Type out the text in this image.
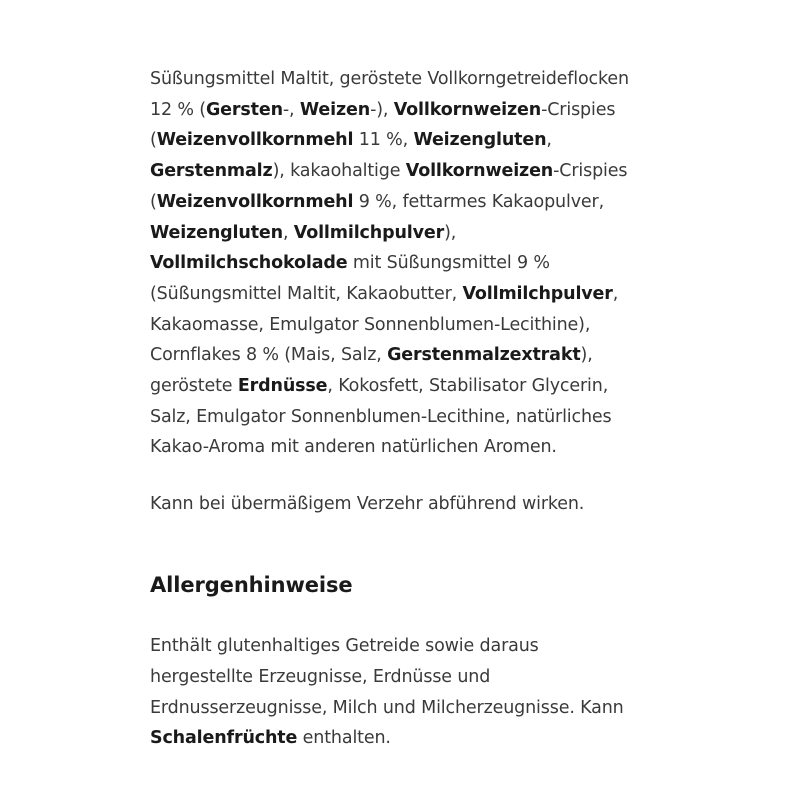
Süßungsmittel Maltit, geröstete Vollkorngetreideflocken
12 % (Gersten-, Weizen-), Vollkornweizen-Crispies
(Weizenvollkornmehl 11 %, Weizengluten,
Gerstenmalz), kakaohaltige Vollkornweizen-Crispies
(Weizenvollkornmehl 9 %, fettarmes Kakaopulver,
Weizengluten, Vollmilchpulver),
Vollmilchschokolade mit Süßungsmittel 9 %
(Süßungsmittel Maltit, Kakaobutter, Vollmilchpulver,
Kakaomasse, Emulgator Sonnenblumen-Lecithine),
Cornflakes 8 % (Mais, Salz, Gerstenmalzextrakt),
geröstete Erdnüsse, Kokosfett, Stabilisator Glycerin,
Salz, Emulgator Sonnenblumen-Lecithine, natürliches
Kakao-Aroma mit anderen natürlichen Aromen.

Kann bei übermäßigem Verzehr abführend wirken.

Allergenhinweise

Enthält glutenhaltiges Getreide sowie daraus
hergestellte Erzeugnisse, Erdnüsse und
Erdnusserzeugnisse, Milch und Milcherzeugnisse. Kann
Schalenfrüchte enthalten.
